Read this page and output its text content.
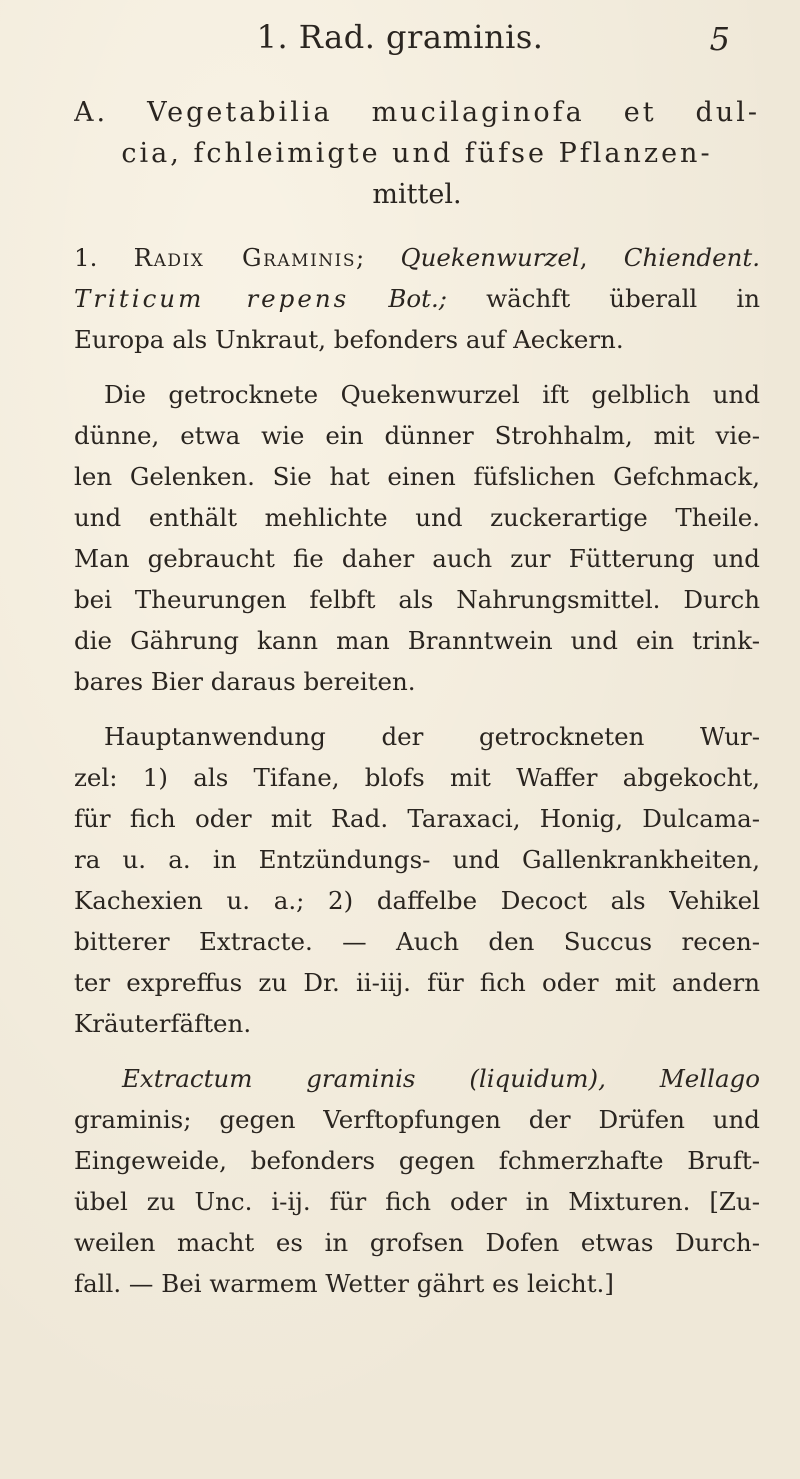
1. Rad. graminis.	5
A. Vegetabilia mucilaginofa et dul-
cia, fchleimigte und füfse Pflanzen-
mittel.
1. Radix Graminis; Quekenwurzel, Chiendent.
Triticum repens Bot.; wächft überall in
Europa als Unkraut, befonders auf Aeckern.
Die getrocknete Quekenwurzel ift gelblich und
dünne, etwa wie ein dünner Strohhalm, mit vie-
len Gelenken. Sie hat einen füfslichen Gefchmack,
und enthält mehlichte und zuckerartige Theile.
Man gebraucht fie daher auch zur Fütterung und
bei Theurungen felbft als Nahrungsmittel. Durch
die Gährung kann man Branntwein und ein trink-
bares Bier daraus bereiten.
Hauptanwendung der getrockneten Wur-
zel: 1) als Tifane, blofs mit Waffer abgekocht,
für fich oder mit Rad. Taraxaci, Honig, Dulcama-
ra u. a. in Entzündungs- und Gallenkrankheiten,
Kachexien u. a.; 2) daffelbe Decoct als Vehikel
bitterer Extracte. — Auch den Succus recen-
ter expreffus zu Dr. ii-iij. für fich oder mit andern
Kräuterfäften.
Extractum graminis (liquidum), Mellago
graminis; gegen Verftopfungen der Drüfen und
Eingeweide, befonders gegen fchmerzhafte Bruft-
übel zu Unc. i-ij. für fich oder in Mixturen. [Zu-
weilen macht es in grofsen Dofen etwas Durch-
fall. — Bei warmem Wetter gährt es leicht.]
